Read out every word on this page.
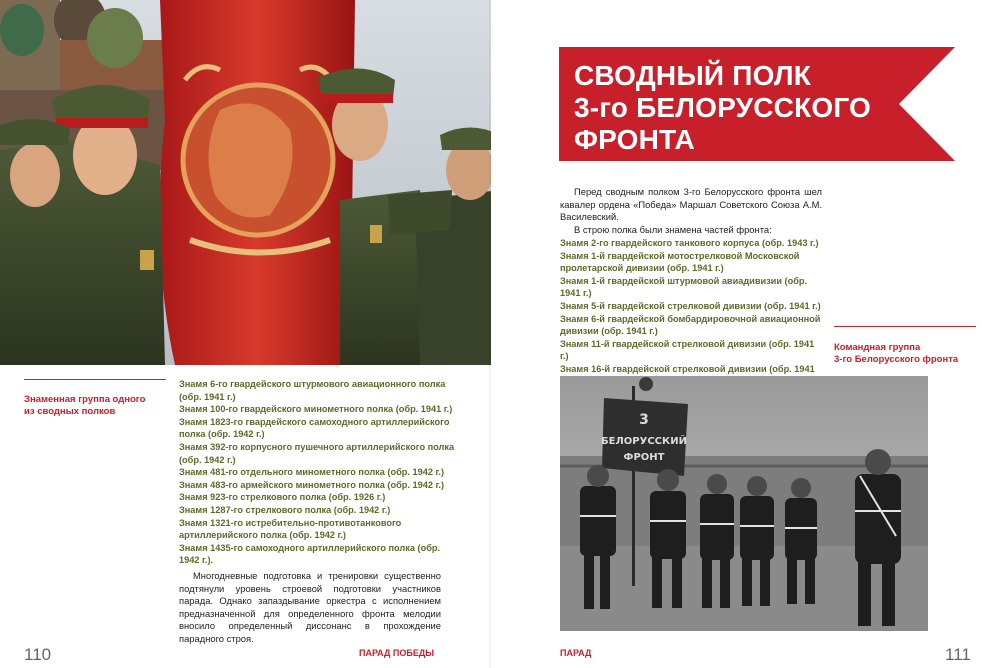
Знаменная группа одного
из сводных полков
Знамя 6-го гвардейского штурмового авиационного полка
(обр. 1941 г.)
Знамя 100-го гвардейского минометного полка (обр. 1941 г.)
Знамя 1823-го гвардейского самоходного артиллерийского
полка (обр. 1942 г.)
Знамя 392-го корпусного пушечного артиллерийского полка
(обр. 1942 г.)
Знамя 481-го отдельного минометного полка (обр. 1942 г.)
Знамя 483-го армейского минометного полка (обр. 1942 г.)
Знамя 923-го стрелкового полка (обр. 1926 г.)
Знамя 1287-го стрелкового полка (обр. 1942 г.)
Знамя 1321-го истребительно-противотанкового
артиллерийского полка (обр. 1942 г.)
Знамя 1435-го самоходного артиллерийского полка (обр.
1942 г.).

Многодневные подготовка и тренировки существенно подтянули уровень строевой подготовки участников парада. Однако запаздывание оркестра с исполнением предназначенной для определенного фронта мелодии вносило определенный диссонанс в прохождение парадного строя.

110	ПАРАД ПОБЕДЫ
СВОДНЫЙ ПОЛК
3-го БЕЛОРУССКОГО
ФРОНТА

Перед сводным полком 3-го Белорусского фронта шел кавалер ордена «Победа» Маршал Советского Союза А.М. Василевский.

В строю полка были знамена частей фронта:

Знамя 2-го гвардейского танкового корпуса (обр. 1943 г.)
Знамя 1-й гвардейской мотострелковой Московской
пролетарской дивизии (обр. 1941 г.)
Знамя 1-й гвардейской штурмовой авиадивизии (обр.
1941 г.)
Знамя 5-й гвардейской стрелковой дивизии (обр. 1941 г.)
Знамя 6-й гвардейской бомбардировочной авиационной
дивизии (обр. 1941 г.)
Знамя 11-й гвардейской стрелковой дивизии (обр. 1941 г.)
Знамя 16-й гвардейской стрелковой дивизии (обр. 1941
Командная группа
3-го Белорусского фронта
3
БЕЛОРУССКИЙ
ФРОНТ
ПАРАД	111
